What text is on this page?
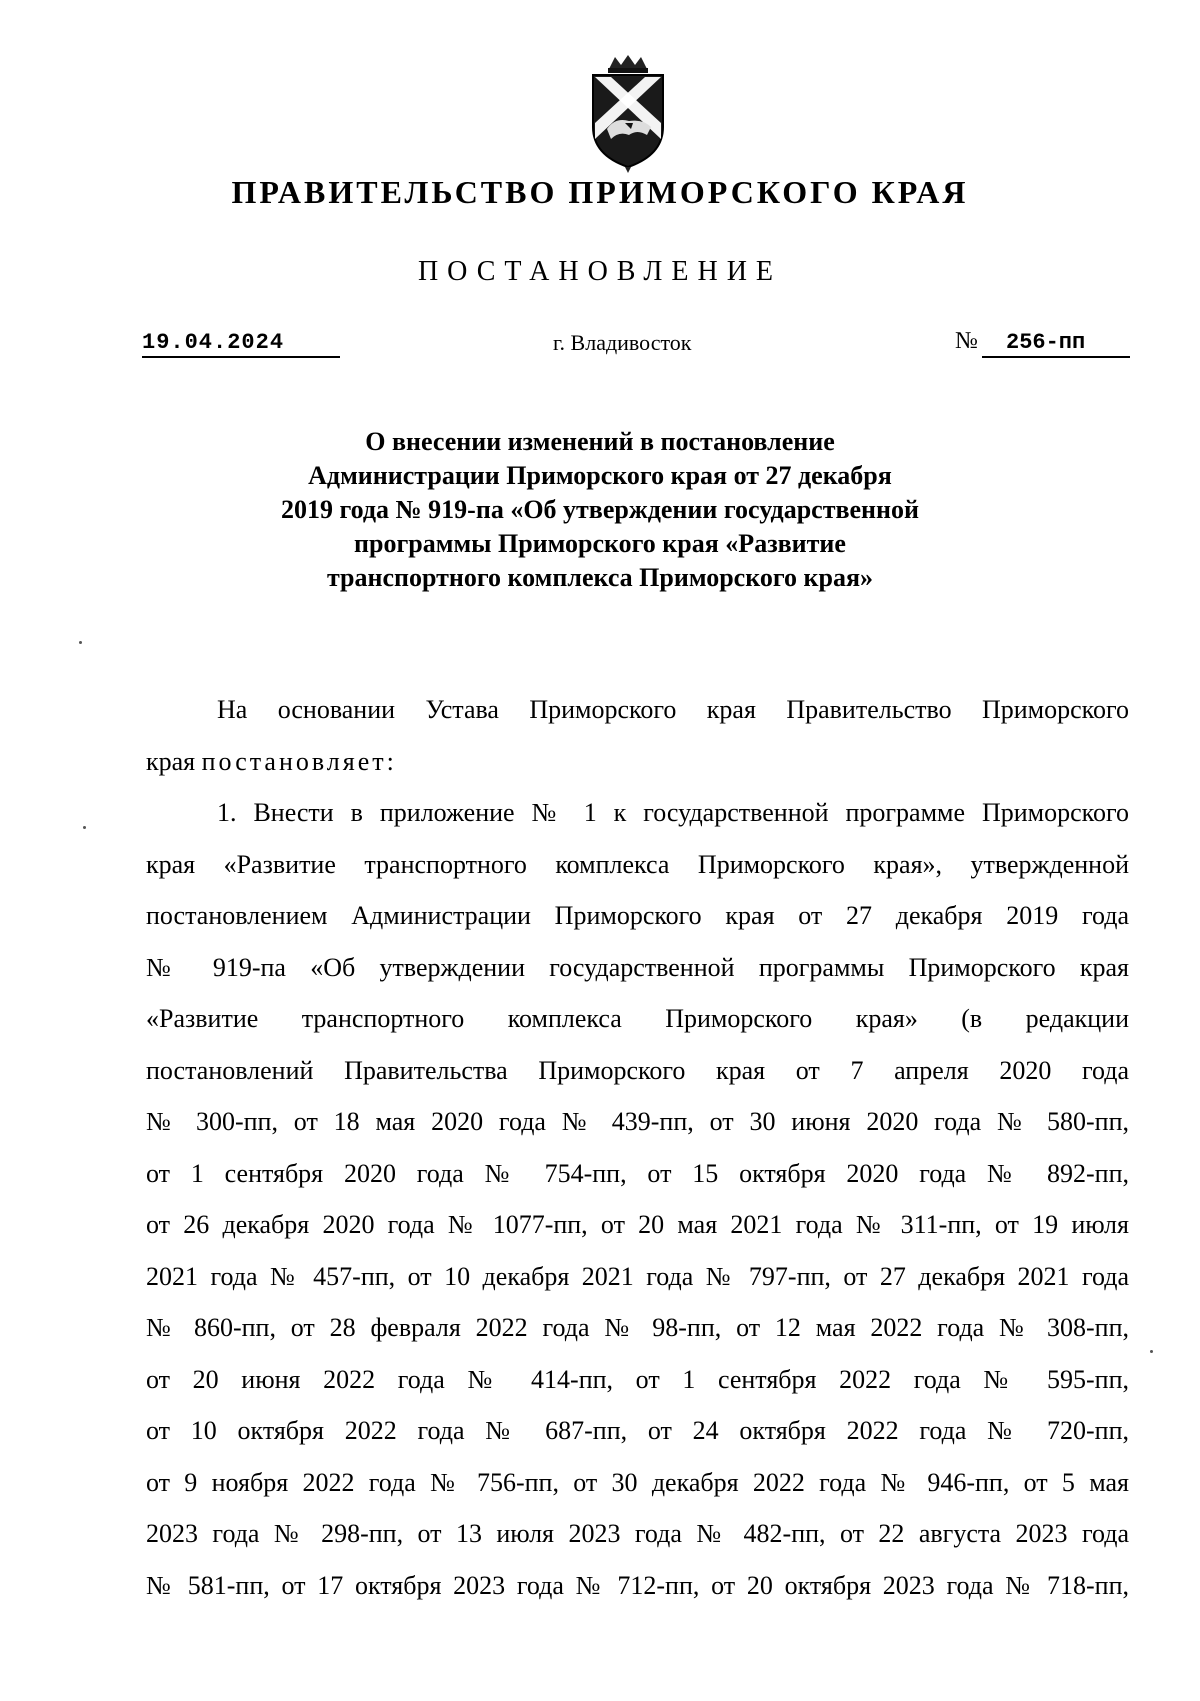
ПРАВИТЕЛЬСТВО ПРИМОРСКОГО КРАЯ
ПОСТАНОВЛЕНИЕ
19.04.2024	г. Владивосток	№	256-пп
О внесении изменений в постановление
Администрации Приморского края от 27 декабря
2019 года № 919-па «Об утверждении государственной
программы Приморского края «Развитие
транспортного комплекса Приморского края»
На основании Устава Приморского края Правительство Приморского
края постановляет:
1. Внести в приложение № 1 к государственной программе Приморского
края «Развитие транспортного комплекса Приморского края», утвержденной
постановлением Администрации Приморского края от 27 декабря 2019 года
№ 919-па «Об утверждении государственной программы Приморского края
«Развитие транспортного комплекса Приморского края» (в редакции
постановлений Правительства Приморского края от 7 апреля 2020 года
№ 300-пп, от 18 мая 2020 года № 439-пп, от 30 июня 2020 года № 580-пп,
от 1 сентября 2020 года № 754-пп, от 15 октября 2020 года № 892-пп,
от 26 декабря 2020 года № 1077-пп, от 20 мая 2021 года № 311-пп, от 19 июля
2021 года № 457-пп, от 10 декабря 2021 года № 797-пп, от 27 декабря 2021 года
№ 860-пп, от 28 февраля 2022 года № 98-пп, от 12 мая 2022 года № 308-пп,
от 20 июня 2022 года № 414-пп, от 1 сентября 2022 года № 595-пп,
от 10 октября 2022 года № 687-пп, от 24 октября 2022 года № 720-пп,
от 9 ноября 2022 года № 756-пп, от 30 декабря 2022 года № 946-пп, от 5 мая
2023 года № 298-пп, от 13 июля 2023 года № 482-пп, от 22 августа 2023 года
№ 581-пп, от 17 октября 2023 года № 712-пп, от 20 октября 2023 года № 718-пп,
